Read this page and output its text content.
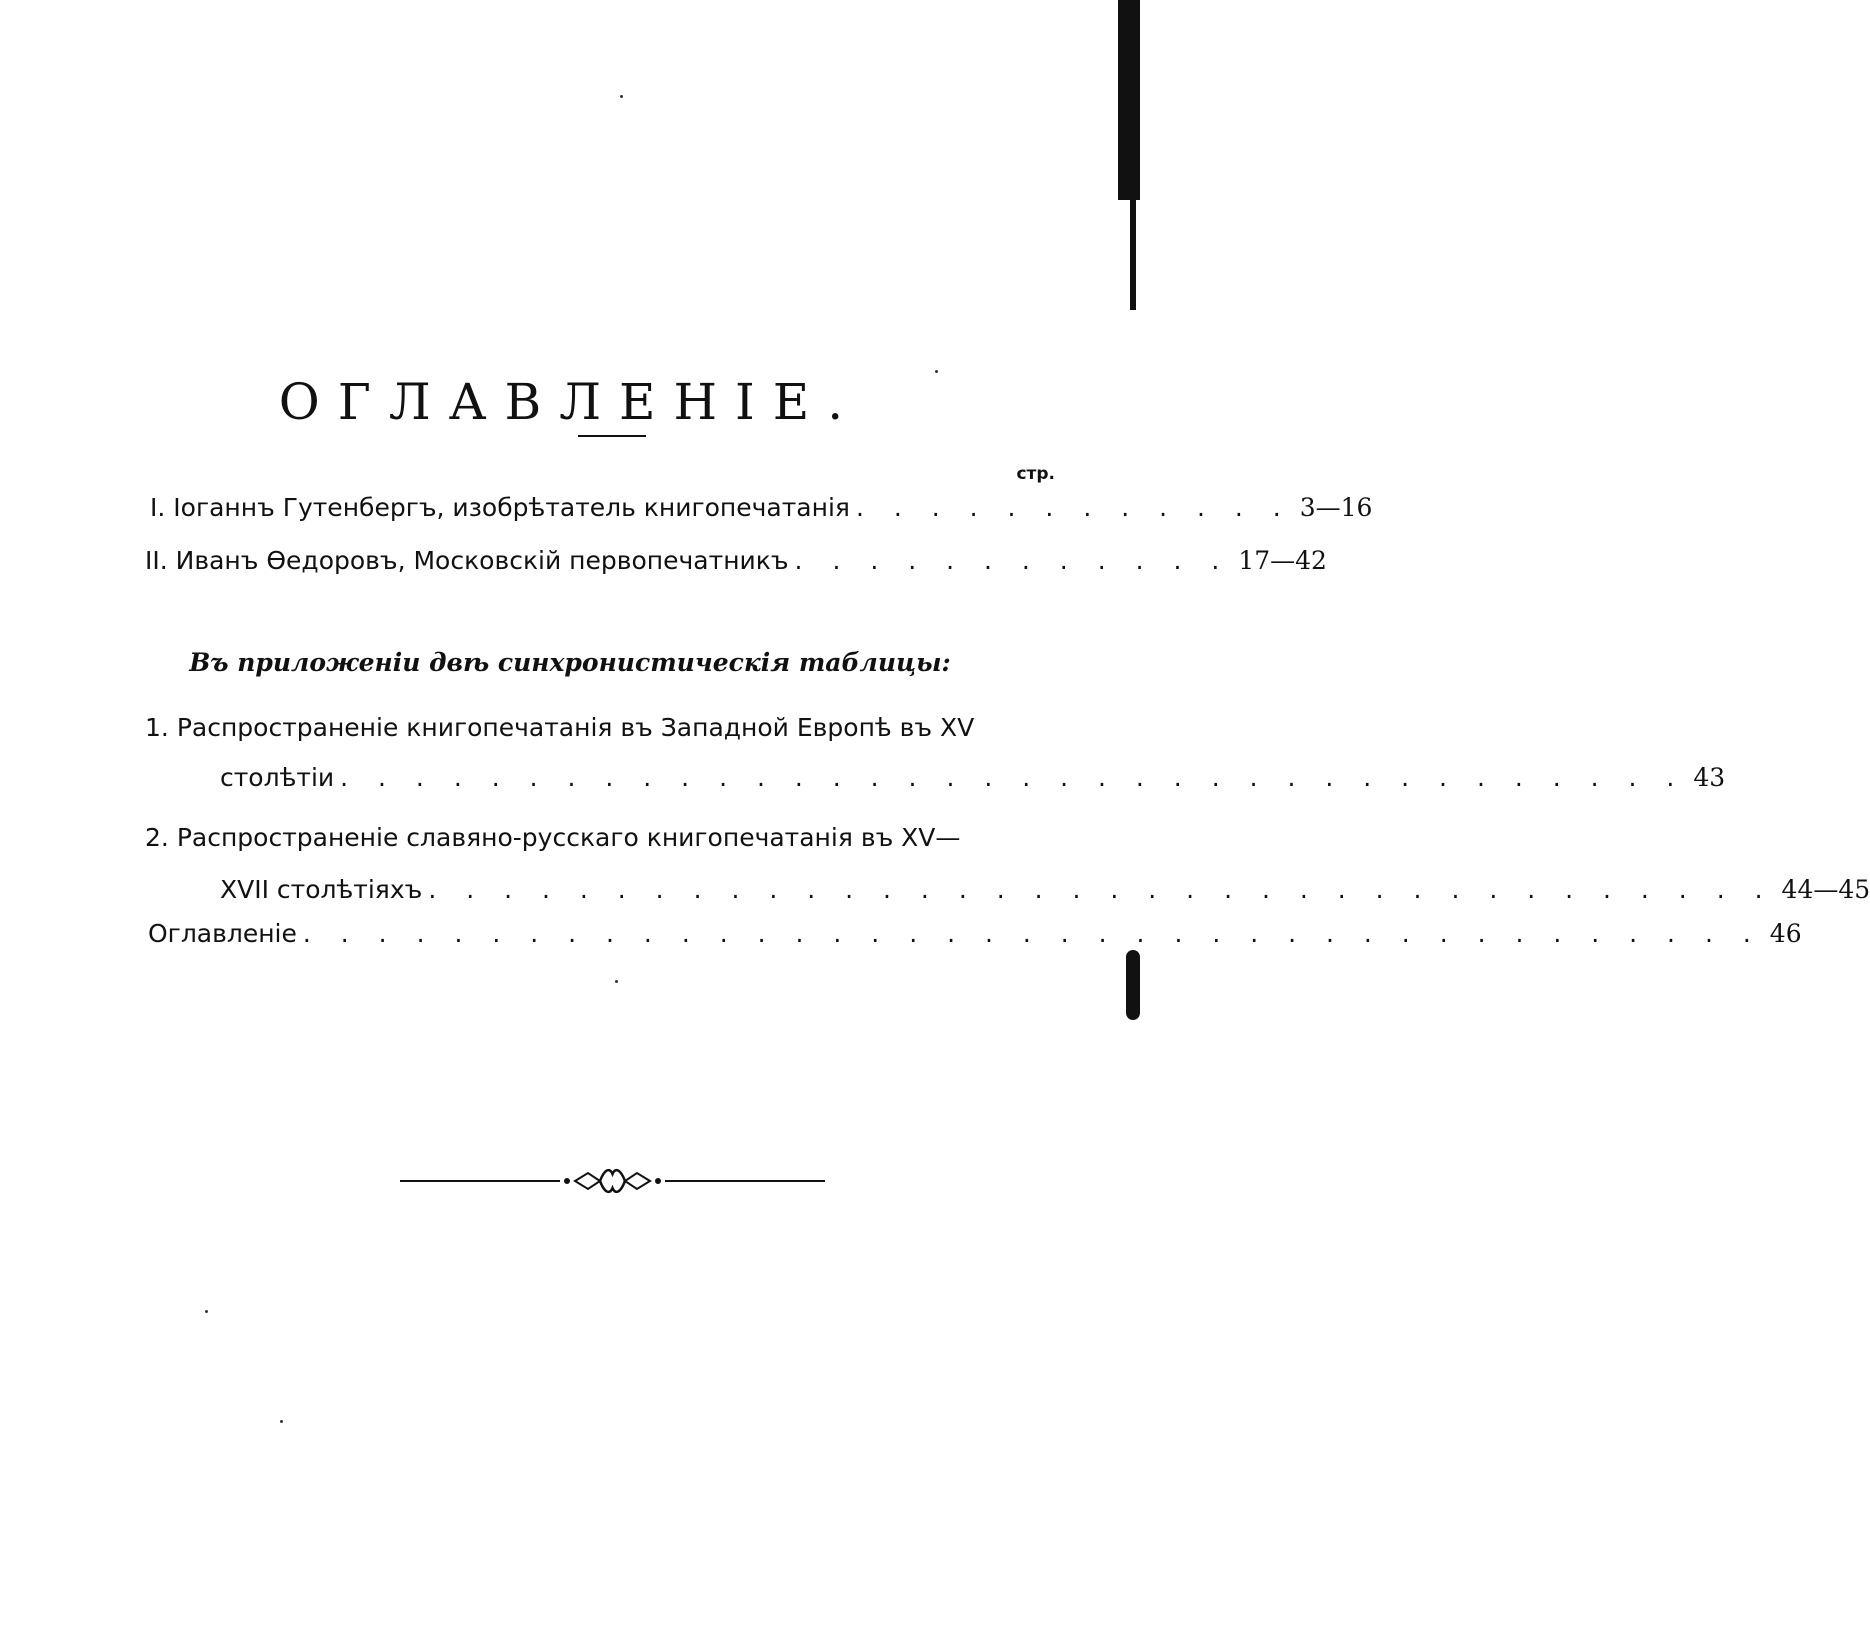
ОГЛАВЛЕНІЕ.
стр.
I. Іоганнъ Гутенбергъ, изобрѣтатель книгопечатанія . . . . . . . . . . . . 3—16
II. Иванъ Ѳедоровъ, Московскій первопечатникъ . . . . . . . . . . . . 17—42
Въ приложеніи двѣ синхронистическія таблицы:
1. Распространеніе книгопечатанія въ Западной Европѣ въ XV
столѣтіи . . . . . . . . . . . . . . . . . . . . . . . . . . . . . . . . . . . . 43
2. Распространеніе славяно-русскаго книгопечатанія въ XV—
XVII столѣтіяхъ . . . . . . . . . . . . . . . . . . . . . . . . . . . . . . . . . . . . 44—45
Оглавленіе . . . . . . . . . . . . . . . . . . . . . . . . . . . . . . . . . . . . . . . 46
